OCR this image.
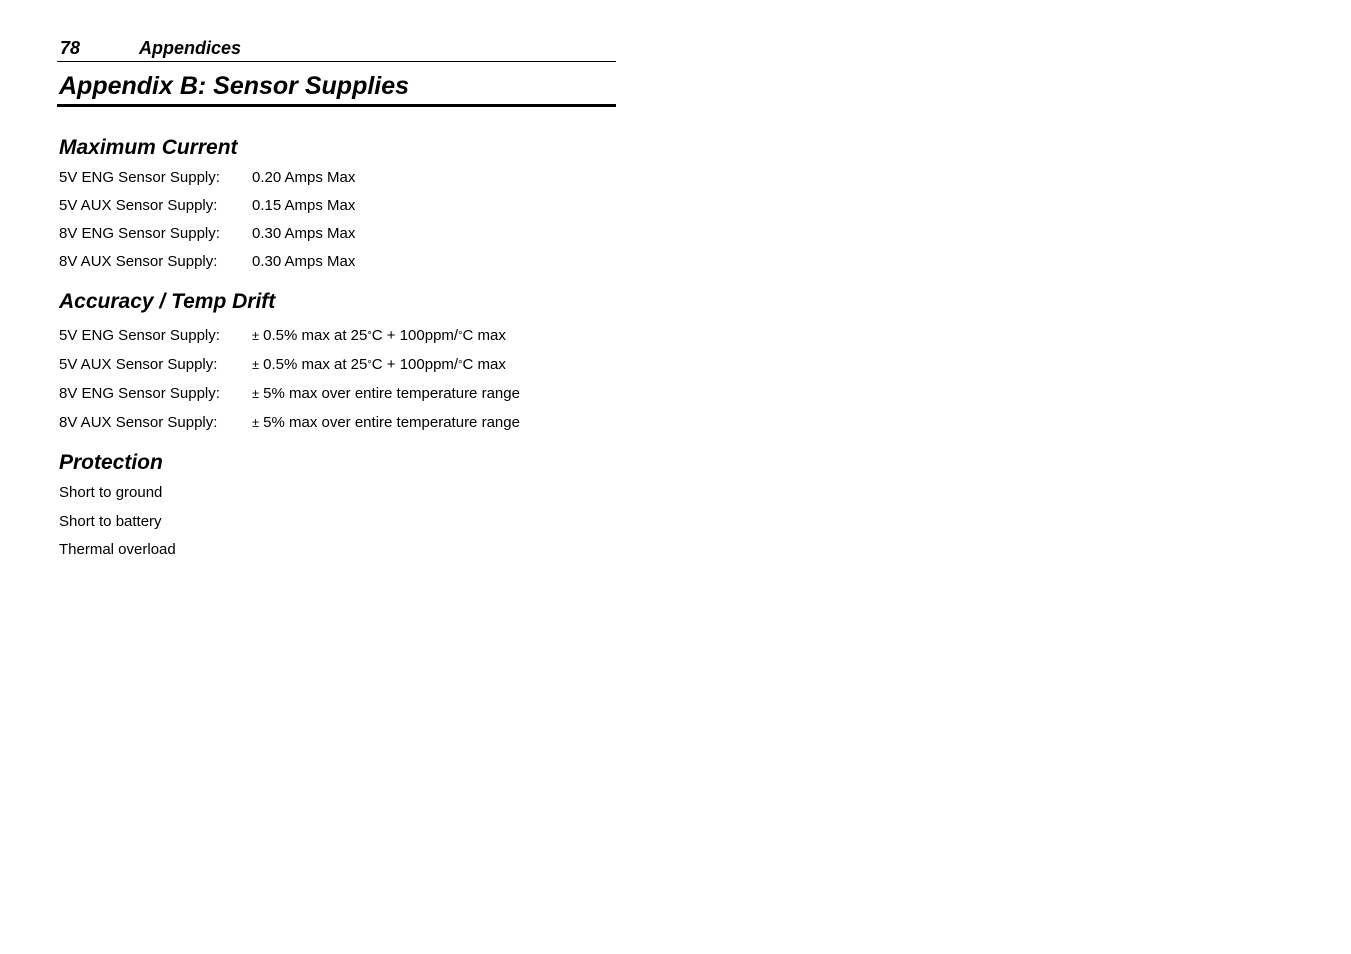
78	Appendices
Appendix B: Sensor Supplies
Maximum Current
5V ENG Sensor Supply:	0.20 Amps Max
5V AUX Sensor Supply:	0.15 Amps Max
8V ENG Sensor Supply:	0.30 Amps Max
8V AUX Sensor Supply:	0.30 Amps Max
Accuracy / Temp Drift
5V ENG Sensor Supply:	± 0.5% max at 25°C + 100ppm/°C max
5V AUX Sensor Supply:	± 0.5% max at 25°C + 100ppm/°C max
8V ENG Sensor Supply:	± 5% max over entire temperature range
8V AUX Sensor Supply:	± 5% max over entire temperature range
Protection
Short to ground
Short to battery
Thermal overload
